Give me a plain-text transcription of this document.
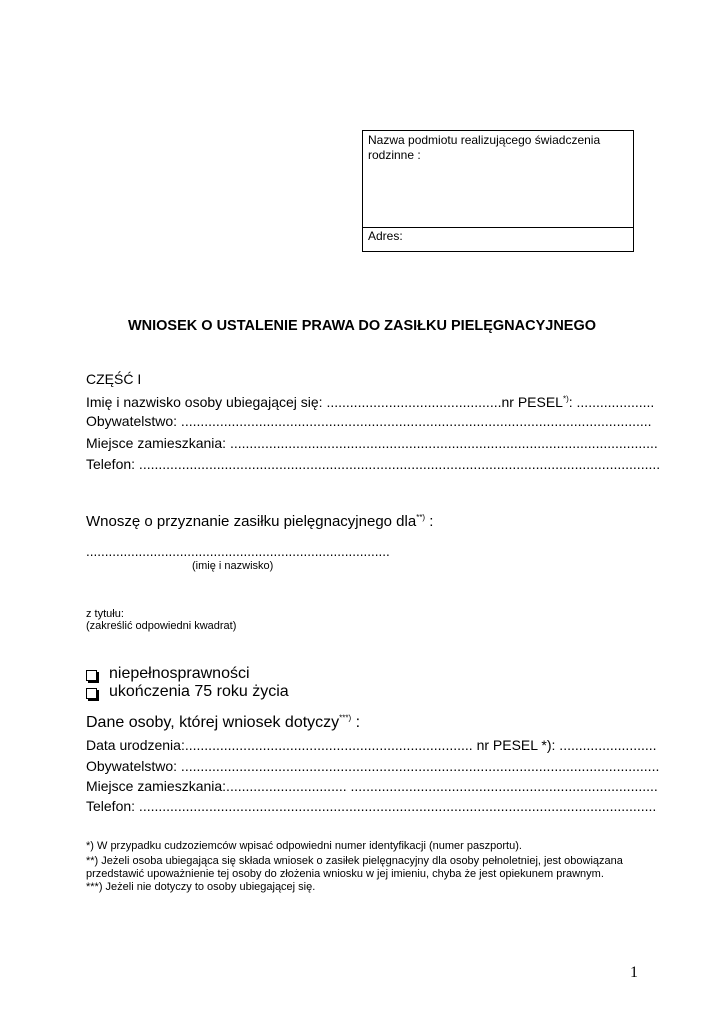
Nazwa podmiotu realizującego świadczenia rodzinne :
Adres:
WNIOSEK O USTALENIE PRAWA DO ZASIŁKU PIELĘGNACYJNEGO
CZĘŚĆ I
Imię i nazwisko osoby ubiegającej się: .............................................nr PESEL*): ....................
Obywatelstwo: .........................................................................................................................
Miejsce zamieszkania: ..............................................................................................................
Telefon: ......................................................................................................................................
Wnoszę o przyznanie zasiłku pielęgnacyjnego dla**) :
.................................................................................
(imię i nazwisko)
z tytułu:
(zakreślić odpowiedni kwadrat)
niepełnosprawności
ukończenia 75 roku życia
Dane osoby, której wniosek dotyczy***) :
Data urodzenia:.......................................................................... nr PESEL *): .........................
Obywatelstwo: ...........................................................................................................................
Miejsce zamieszkania:............................... ...............................................................................
Telefon: .....................................................................................................................................
*) W przypadku cudzoziemców wpisać odpowiedni numer identyfikacji (numer paszportu).
**) Jeżeli osoba ubiegająca się składa wniosek o zasiłek pielęgnacyjny dla osoby pełnoletniej, jest obowiązana
przedstawić upoważnienie tej osoby do złożenia wniosku w jej imieniu, chyba że jest opiekunem prawnym.
***) Jeżeli nie dotyczy to osoby ubiegającej się.
1
